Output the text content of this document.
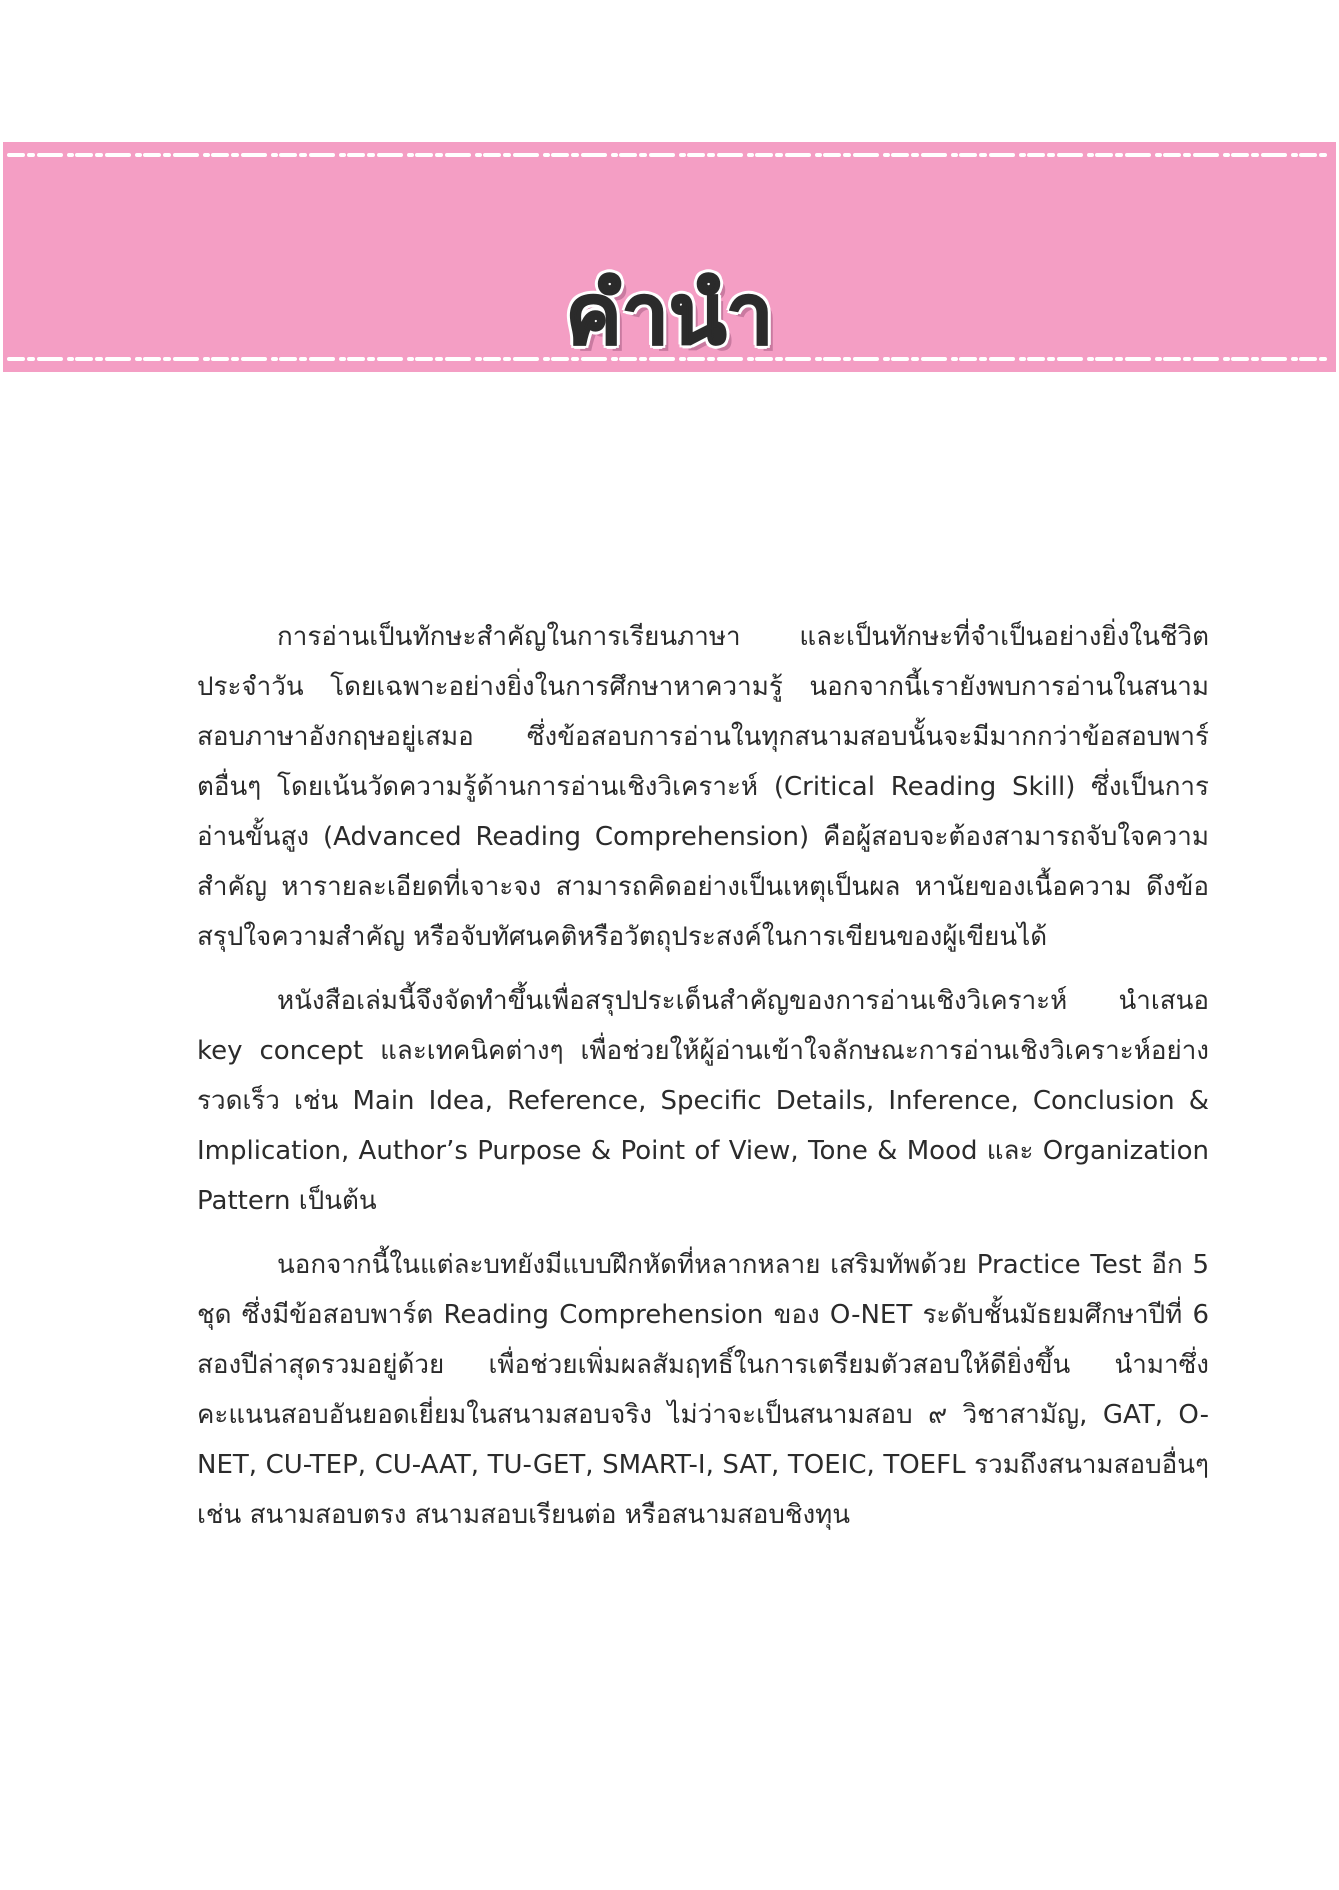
คำนำ

การอ่านเป็นทักษะสำคัญในการเรียนภาษา และเป็นทักษะที่จำเป็นอย่างยิ่งในชีวิตประจำวัน โดยเฉพาะอย่างยิ่งในการศึกษาหาความรู้ นอกจากนี้เรายังพบการอ่านในสนามสอบภาษาอังกฤษอยู่เสมอ ซึ่งข้อสอบการอ่านในทุกสนามสอบนั้นจะมีมากกว่าข้อสอบพาร์ตอื่นๆ โดยเน้นวัดความรู้ด้านการอ่านเชิงวิเคราะห์ (Critical Reading Skill) ซึ่งเป็นการอ่านขั้นสูง (Advanced Reading Comprehension) คือผู้สอบจะต้องสามารถจับใจความสำคัญ หารายละเอียดที่เจาะจง สามารถคิดอย่างเป็นเหตุเป็นผล หานัยของเนื้อความ ดึงข้อสรุปใจความสำคัญ หรือจับทัศนคติหรือวัตถุประสงค์ในการเขียนของผู้เขียนได้

หนังสือเล่มนี้จึงจัดทำขึ้นเพื่อสรุปประเด็นสำคัญของการอ่านเชิงวิเคราะห์ นำเสนอ key concept และเทคนิคต่างๆ เพื่อช่วยให้ผู้อ่านเข้าใจลักษณะการอ่านเชิงวิเคราะห์อย่างรวดเร็ว เช่น Main Idea, Reference, Specific Details, Inference, Conclusion & Implication, Author’s Purpose & Point of View, Tone & Mood และ Organization Pattern เป็นต้น

นอกจากนี้ในแต่ละบทยังมีแบบฝึกหัดที่หลากหลาย เสริมทัพด้วย Practice Test อีก 5 ชุด ซึ่งมีข้อสอบพาร์ต Reading Comprehension ของ O-NET ระดับชั้นมัธยมศึกษาปีที่ 6 สองปีล่าสุดรวมอยู่ด้วย เพื่อช่วยเพิ่มผลสัมฤทธิ์ในการเตรียมตัวสอบให้ดียิ่งขึ้น นำมาซึ่งคะแนนสอบอันยอดเยี่ยมในสนามสอบจริง ไม่ว่าจะเป็นสนามสอบ ๙ วิชาสามัญ, GAT, O-NET, CU-TEP, CU-AAT, TU-GET, SMART-I, SAT, TOEIC, TOEFL รวมถึงสนามสอบอื่นๆ เช่น สนามสอบตรง สนามสอบเรียนต่อ หรือสนามสอบชิงทุน
